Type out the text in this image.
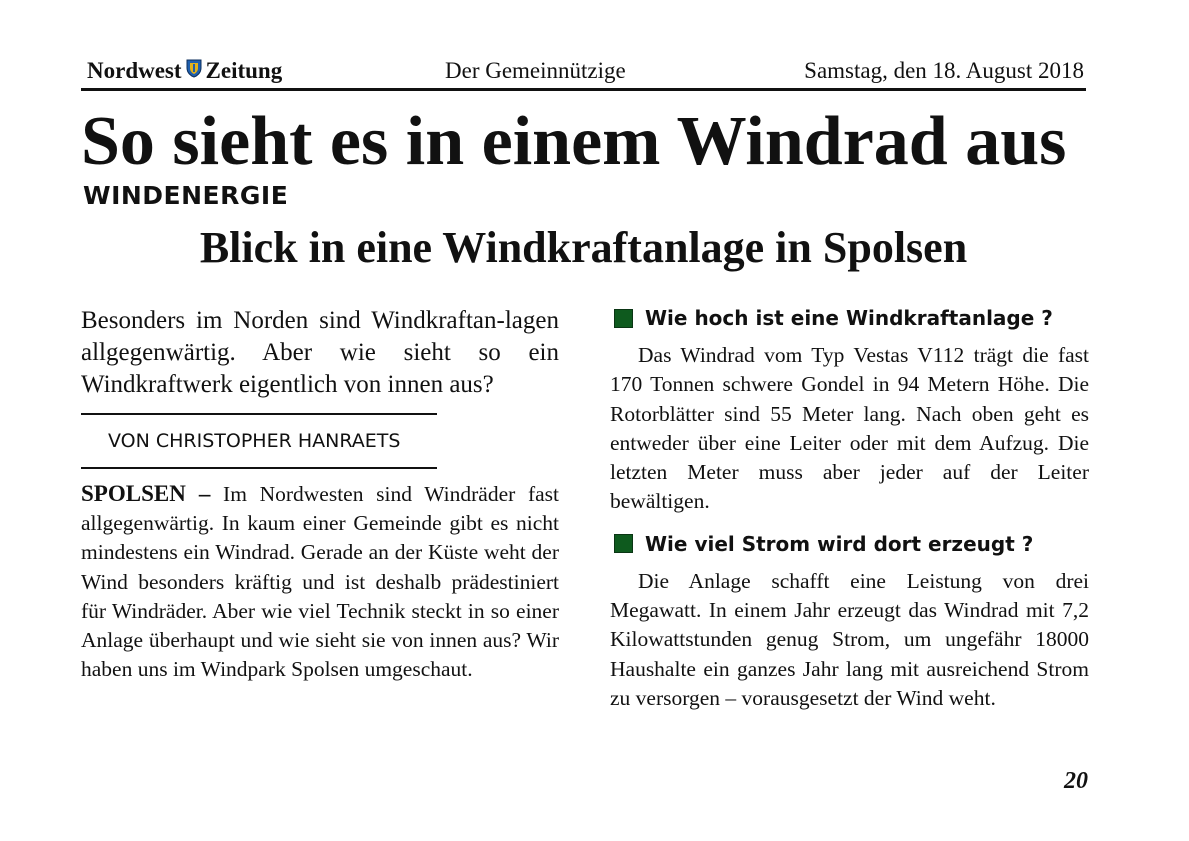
Nordwest Zeitung	Der Gemeinnützige	Samstag, den 18. August 2018
So sieht es in einem Windrad aus
WINDENERGIE
Blick in eine Windkraftanlage in Spolsen

Besonders im Norden sind Windkraftan-lagen allgegenwärtig. Aber wie sieht so ein Windkraftwerk eigentlich von innen aus?

VON CHRISTOPHER HANRAETS

SPOLSEN – Im Nordwesten sind Windräder fast allgegenwärtig. In kaum einer Gemeinde gibt es nicht mindestens ein Windrad. Gerade an der Küste weht der Wind besonders kräftig und ist deshalb prädestiniert für Windräder. Aber wie viel Technik steckt in so einer Anlage überhaupt und wie sieht sie von innen aus? Wir haben uns im Windpark Spolsen umgeschaut.

Wie hoch ist eine Windkraftanlage ?

Das Windrad vom Typ Vestas V112 trägt die fast 170 Tonnen schwere Gondel in 94 Metern Höhe. Die Rotorblätter sind 55 Meter lang. Nach oben geht es entweder über eine Leiter oder mit dem Aufzug. Die letzten Meter muss aber jeder auf der Leiter bewältigen.

Wie viel Strom wird dort erzeugt ?

Die Anlage schafft eine Leistung von drei Megawatt. In einem Jahr erzeugt das Windrad mit 7,2 Kilowattstunden genug Strom, um ungefähr 18000 Haushalte ein ganzes Jahr lang mit ausreichend Strom zu versorgen – vorausgesetzt der Wind weht.

20
